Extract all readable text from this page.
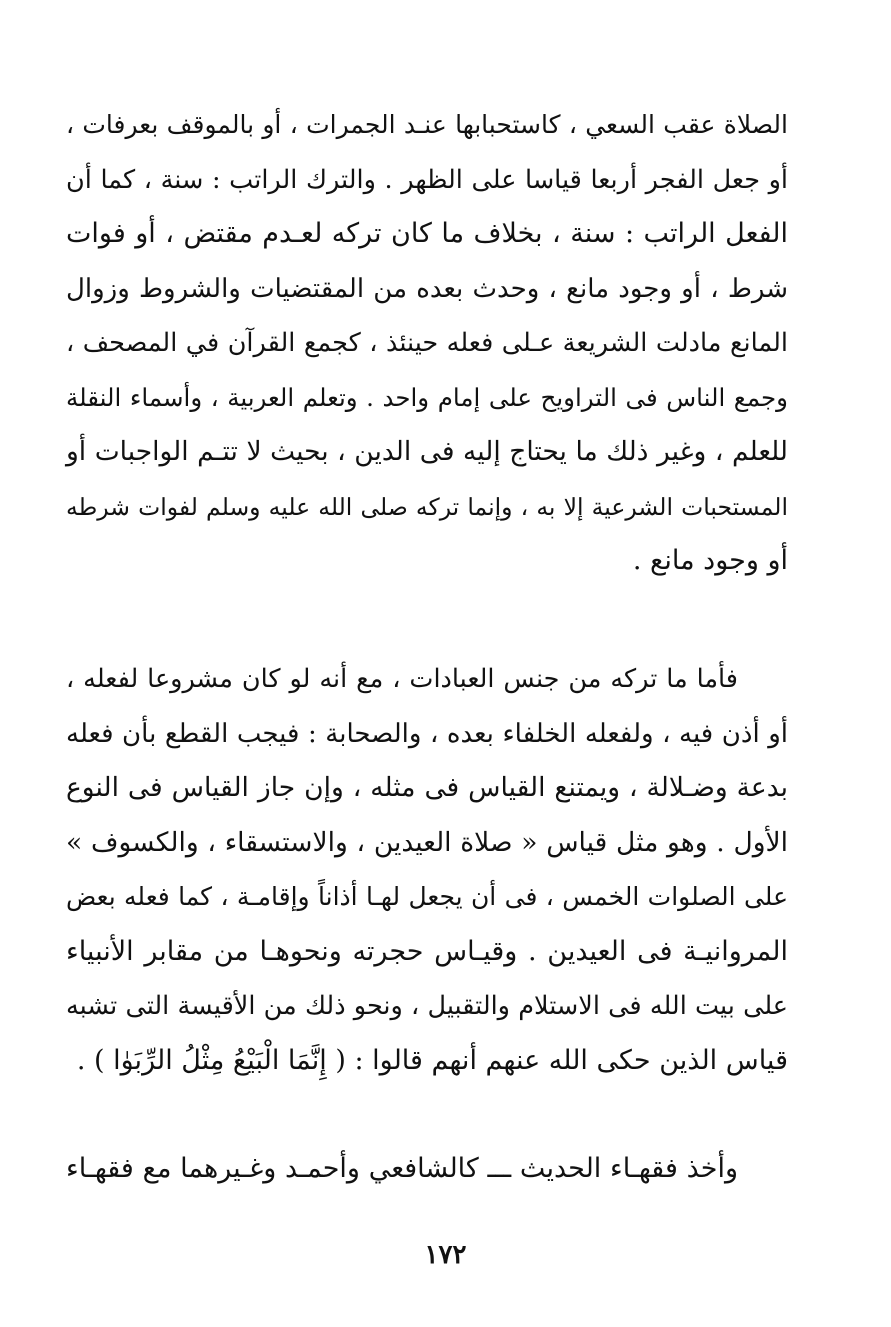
الصلاة عقب السعي ، كاستحبابها عنـد الجمرات ، أو بالموقف بعرفات ،
أو جعل الفجر أربعا قياسا على الظهر . والترك الراتب : سنة ، كما أن
الفعل الراتب : سنة ، بخلاف ما كان تركه لعـدم مقتض ، أو فوات
شرط ، أو وجود مانع ، وحدث بعده من المقتضيات والشروط وزوال
المانع مادلت الشريعة عـلى فعله حينئذ ، كجمع القرآن في المصحف ،
وجمع الناس فى التراويح على إمام واحد . وتعلم العربية ، وأسماء النقلة
للعلم ، وغير ذلك ما يحتاج إليه فى الدين ، بحيث لا تتـم الواجبات أو
المستحبات الشرعية إلا به ، وإنما تركه صلى الله عليه وسلم لفوات شرطه
أو وجود مانع .
فأما ما تركه من جنس العبادات ، مع أنه لو كان مشروعا لفعله ،
أو أذن فيه ، ولفعله الخلفاء بعده ، والصحابة : فيجب القطع بأن فعله
بدعة وضـلالة ، ويمتنع القياس فى مثله ، وإن جاز القياس فى النوع
الأول . وهو مثل قياس « صلاة العيدين ، والاستسقاء ، والكسوف »
على الصلوات الخمس ، فى أن يجعل لهـا أذاناً وإقامـة ، كما فعله بعض
المروانيـة فى العيدين . وقيـاس حجرته ونحوهـا من مقابر الأنبياء
على بيت الله فى الاستلام والتقبيل ، ونحو ذلك من الأقيسة التى تشبه
قياس الذين حكى الله عنهم أنهم قالوا : ( إِنَّمَا الْبَيْعُ مِثْلُ الرِّبَوٰا ) .
وأخذ فقهـاء الحديث ـــ كالشافعي وأحمـد وغـيرهما مع فقهـاء
١٧٢
